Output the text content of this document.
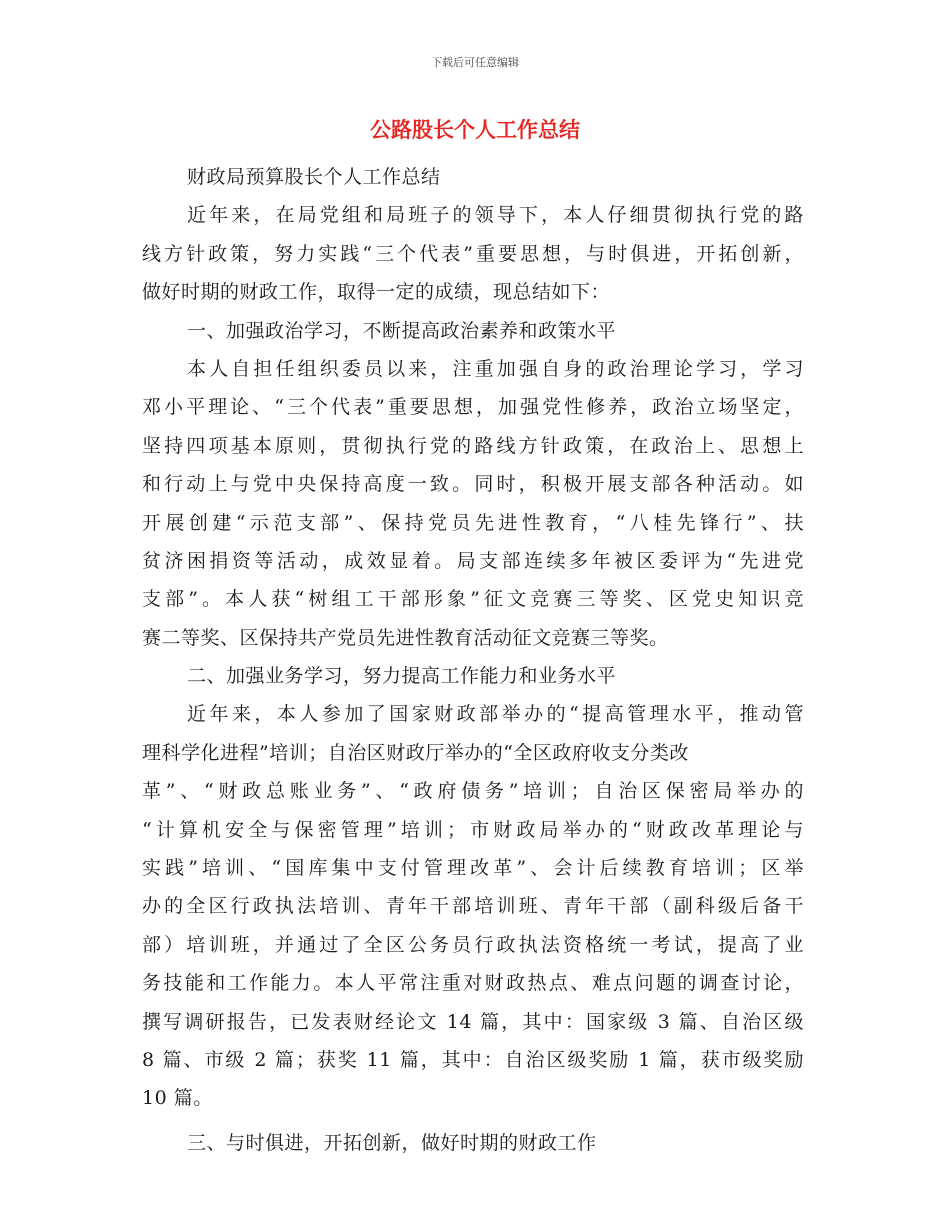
下载后可任意编辑
公路股长个人工作总结
财政局预算股长个人工作总结
近年来，在局党组和局班子的领导下，本人仔细贯彻执行党的路
线方针政策，努力实践“三个代表”重要思想，与时俱进，开拓创新，
做好时期的财政工作，取得一定的成绩，现总结如下：
一、加强政治学习，不断提高政治素养和政策水平
本人自担任组织委员以来，注重加强自身的政治理论学习，学习
邓小平理论、“三个代表”重要思想，加强党性修养，政治立场坚定，
坚持四项基本原则，贯彻执行党的路线方针政策，在政治上、思想上
和行动上与党中央保持高度一致。同时，积极开展支部各种活动。如
开展创建“示范支部”、保持党员先进性教育，“八桂先锋行”、扶
贫济困捐资等活动，成效显着。局支部连续多年被区委评为“先进党
支部”。本人获“树组工干部形象”征文竞赛三等奖、区党史知识竞
赛二等奖、区保持共产党员先进性教育活动征文竞赛三等奖。
二、加强业务学习，努力提高工作能力和业务水平
近年来，本人参加了国家财政部举办的“提高管理水平，推动管
理科学化进程”培训；自治区财政厅举办的“全区政府收支分类改
革”、“财政总账业务”、“政府债务”培训；自治区保密局举办的
“计算机安全与保密管理”培训；市财政局举办的“财政改革理论与
实践”培训、“国库集中支付管理改革”、会计后续教育培训；区举
办的全区行政执法培训、青年干部培训班、青年干部（副科级后备干
部）培训班，并通过了全区公务员行政执法资格统一考试，提高了业
务技能和工作能力。本人平常注重对财政热点、难点问题的调查讨论，
撰写调研报告，已发表财经论文 14 篇，其中：国家级 3 篇、自治区级
8 篇、市级 2 篇；获奖 11 篇，其中：自治区级奖励 1 篇，获市级奖励
10 篇。
三、与时俱进，开拓创新，做好时期的财政工作
